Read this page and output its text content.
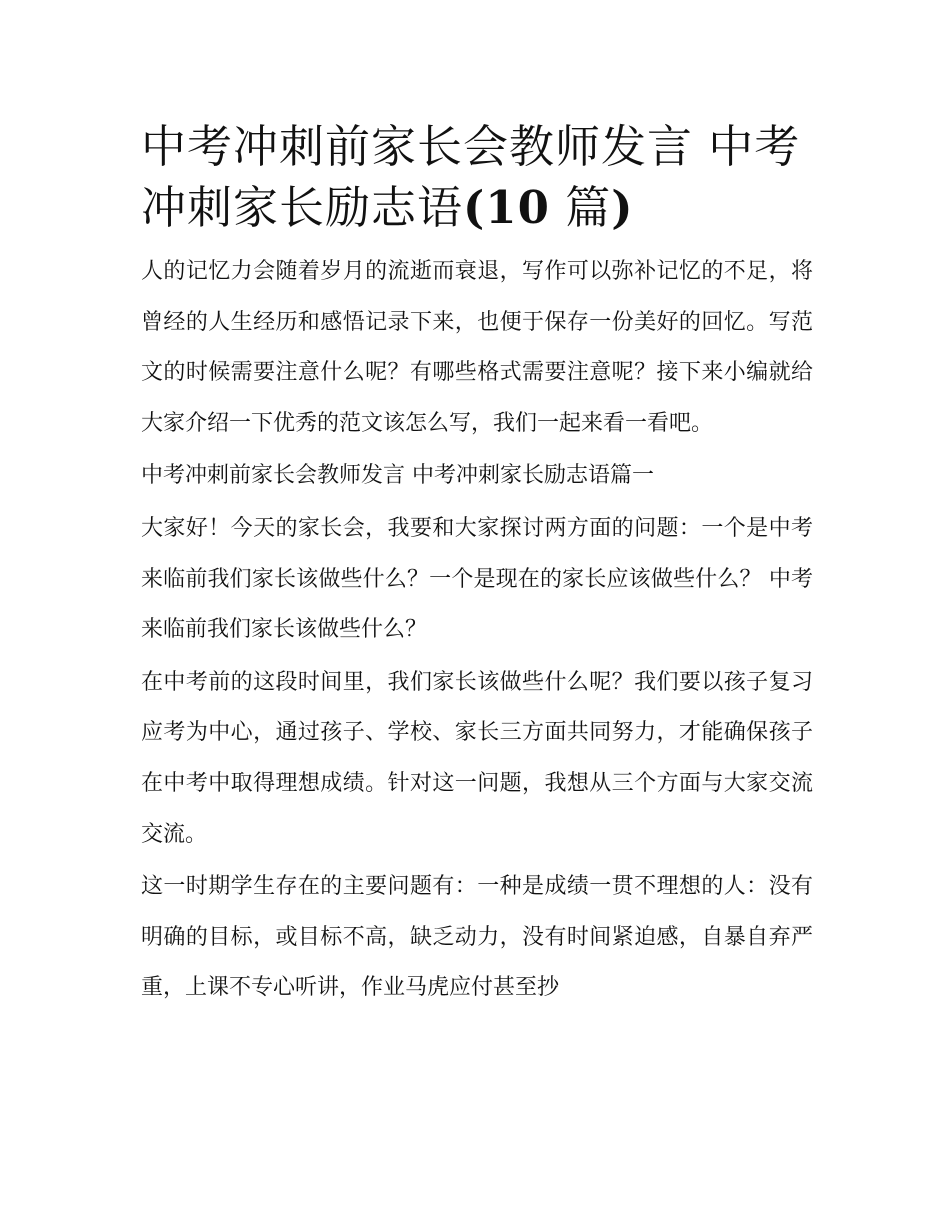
中考冲刺前家长会教师发言 中考冲刺家长励志语(10 篇)

人的记忆力会随着岁月的流逝而衰退，写作可以弥补记忆的不足，将曾经的人生经历和感悟记录下来，也便于保存一份美好的回忆。写范文的时候需要注意什么呢？有哪些格式需要注意呢？接下来小编就给大家介绍一下优秀的范文该怎么写，我们一起来看一看吧。

中考冲刺前家长会教师发言 中考冲刺家长励志语篇一

大家好！今天的家长会，我要和大家探讨两方面的问题：一个是中考来临前我们家长该做些什么？一个是现在的家长应该做些什么？ 中考来临前我们家长该做些什么？

在中考前的这段时间里，我们家长该做些什么呢？我们要以孩子复习应考为中心，通过孩子、学校、家长三方面共同努力，才能确保孩子在中考中取得理想成绩。针对这一问题，我想从三个方面与大家交流交流。

这一时期学生存在的主要问题有：一种是成绩一贯不理想的人：没有明确的目标，或目标不高，缺乏动力，没有时间紧迫感，自暴自弃严重，上课不专心听讲，作业马虎应付甚至抄
